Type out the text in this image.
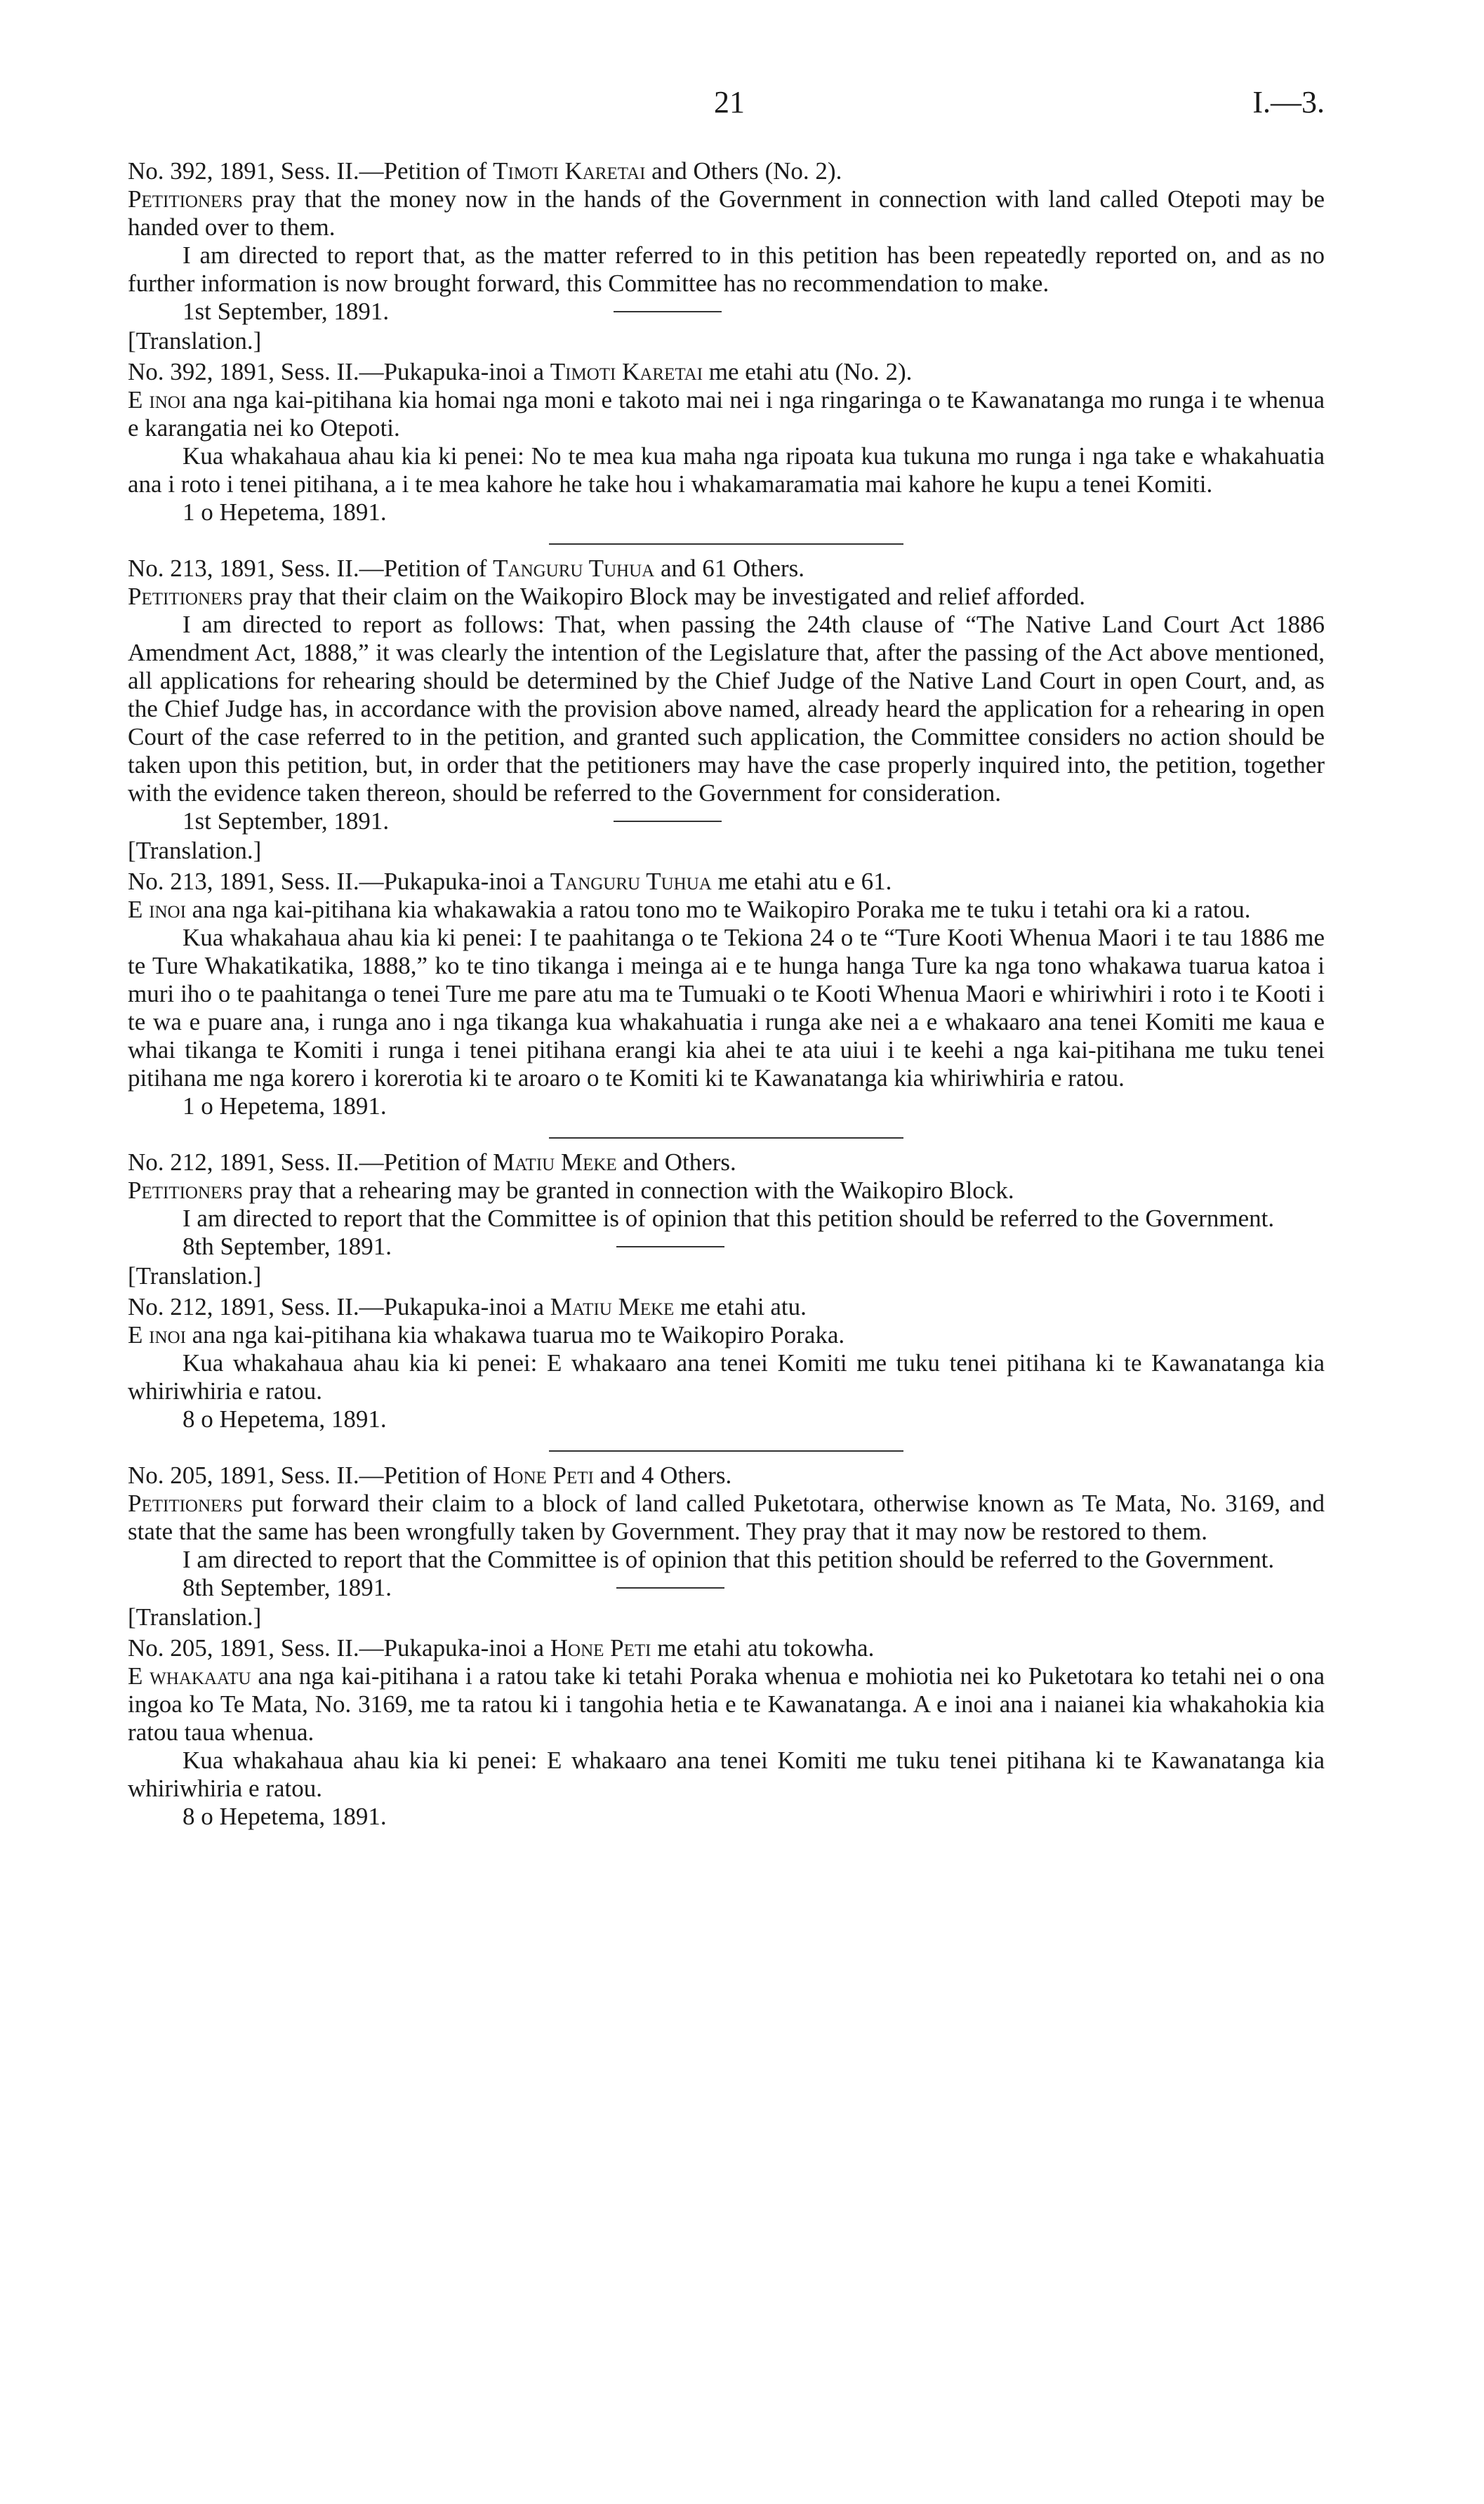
21	I.—3.

No. 392, 1891, Sess. II.—Petition of Timoti Karetai and Others (No. 2).

Petitioners pray that the money now in the hands of the Government in connection with land called Otepoti may be handed over to them.

I am directed to report that, as the matter referred to in this petition has been repeatedly reported on, and as no further information is now brought forward, this Committee has no recommendation to make.

1st September, 1891.

[Translation.]

No. 392, 1891, Sess. II.—Pukapuka-inoi a Timoti Karetai me etahi atu (No. 2).

E inoi ana nga kai-pitihana kia homai nga moni e takoto mai nei i nga ringaringa o te Kawanatanga mo runga i te whenua e karangatia nei ko Otepoti.

Kua whakahaua ahau kia ki penei: No te mea kua maha nga ripoata kua tukuna mo runga i nga take e whakahuatia ana i roto i tenei pitihana, a i te mea kahore he take hou i whakamaramatia mai kahore he kupu a tenei Komiti.

1 o Hepetema, 1891.

No. 213, 1891, Sess. II.—Petition of Tanguru Tuhua and 61 Others.

Petitioners pray that their claim on the Waikopiro Block may be investigated and relief afforded.

I am directed to report as follows: That, when passing the 24th clause of “The Native Land Court Act 1886 Amendment Act, 1888,” it was clearly the intention of the Legislature that, after the passing of the Act above mentioned, all applications for rehearing should be determined by the Chief Judge of the Native Land Court in open Court, and, as the Chief Judge has, in accordance with the provision above named, already heard the application for a rehearing in open Court of the case referred to in the petition, and granted such application, the Committee considers no action should be taken upon this petition, but, in order that the petitioners may have the case properly inquired into, the petition, together with the evidence taken thereon, should be referred to the Government for consideration.

1st September, 1891.

[Translation.]

No. 213, 1891, Sess. II.—Pukapuka-inoi a Tanguru Tuhua me etahi atu e 61.

E inoi ana nga kai-pitihana kia whakawakia a ratou tono mo te Waikopiro Poraka me te tuku i tetahi ora ki a ratou.

Kua whakahaua ahau kia ki penei: I te paahitanga o te Tekiona 24 o te “Ture Kooti Whenua Maori i te tau 1886 me te Ture Whakatikatika, 1888,” ko te tino tikanga i meinga ai e te hunga hanga Ture ka nga tono whakawa tuarua katoa i muri iho o te paahitanga o tenei Ture me pare atu ma te Tumuaki o te Kooti Whenua Maori e whiriwhiri i roto i te Kooti i te wa e puare ana, i runga ano i nga tikanga kua whakahuatia i runga ake nei a e whakaaro ana tenei Komiti me kaua e whai tikanga te Komiti i runga i tenei pitihana erangi kia ahei te ata uiui i te keehi a nga kai-pitihana me tuku tenei pitihana me nga korero i korerotia ki te aroaro o te Komiti ki te Kawanatanga kia whiriwhiria e ratou.

1 o Hepetema, 1891.

No. 212, 1891, Sess. II.—Petition of Matiu Meke and Others.

Petitioners pray that a rehearing may be granted in connection with the Waikopiro Block.

I am directed to report that the Committee is of opinion that this petition should be referred to the Government.

8th September, 1891.

[Translation.]

No. 212, 1891, Sess. II.—Pukapuka-inoi a Matiu Meke me etahi atu.

E inoi ana nga kai-pitihana kia whakawa tuarua mo te Waikopiro Poraka.

Kua whakahaua ahau kia ki penei: E whakaaro ana tenei Komiti me tuku tenei pitihana ki te Kawanatanga kia whiriwhiria e ratou.

8 o Hepetema, 1891.

No. 205, 1891, Sess. II.—Petition of Hone Peti and 4 Others.

Petitioners put forward their claim to a block of land called Puketotara, otherwise known as Te Mata, No. 3169, and state that the same has been wrongfully taken by Government. They pray that it may now be restored to them.

I am directed to report that the Committee is of opinion that this petition should be referred to the Government.

8th September, 1891.

[Translation.]

No. 205, 1891, Sess. II.—Pukapuka-inoi a Hone Peti me etahi atu tokowha.

E whakaatu ana nga kai-pitihana i a ratou take ki tetahi Poraka whenua e mohiotia nei ko Puketotara ko tetahi nei o ona ingoa ko Te Mata, No. 3169, me ta ratou ki i tangohia hetia e te Kawanatanga. A e inoi ana i naianei kia whakahokia kia ratou taua whenua.

Kua whakahaua ahau kia ki penei: E whakaaro ana tenei Komiti me tuku tenei pitihana ki te Kawanatanga kia whiriwhiria e ratou.

8 o Hepetema, 1891.
